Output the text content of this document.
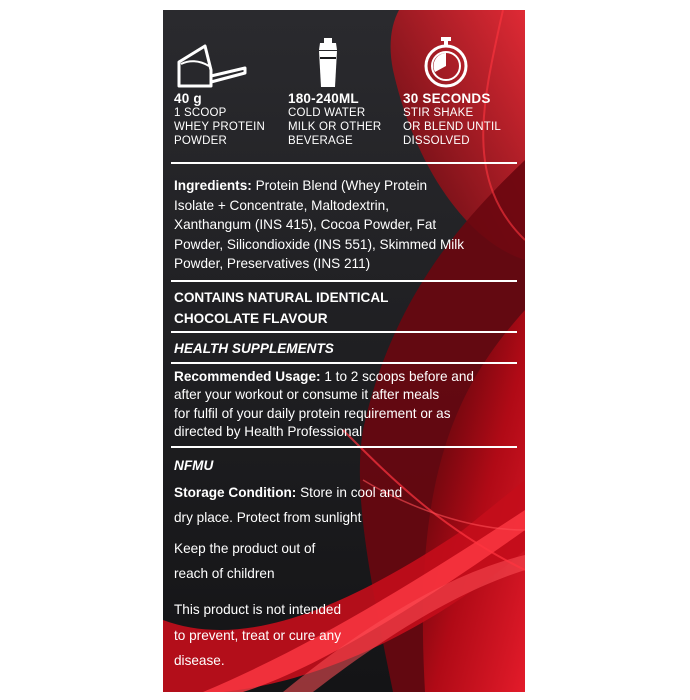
40 g
1 SCOOP
WHEY PROTEIN
POWDER
180-240ML
COLD WATER
MILK OR OTHER
BEVERAGE
30 SECONDS
STIR SHAKE
OR BLEND UNTIL
DISSOLVED
Ingredients: Protein Blend (Whey Protein
Isolate + Concentrate, Maltodextrin,
Xanthangum (INS 415), Cocoa Powder, Fat
Powder, Silicondioxide (INS 551), Skimmed Milk
Powder, Preservatives (INS 211)
CONTAINS NATURAL IDENTICAL
CHOCOLATE FLAVOUR
HEALTH SUPPLEMENTS
Recommended Usage: 1 to 2 scoops before and
after your workout or consume it after meals
for fulfil of your daily protein requirement or as
directed by Health Professional
NFMU
Storage Condition: Store in cool and
dry place. Protect from sunlight
Keep the product out of
reach of children
This product is not intended
to prevent, treat or cure any
disease.
